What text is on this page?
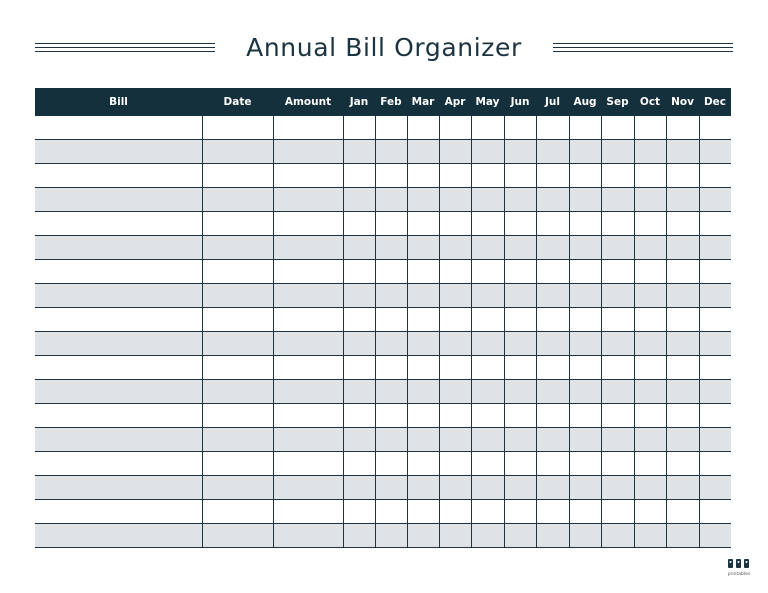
Annual Bill Organizer
Bill	Date	Amount	Jan	Feb	Mar	Apr	May	Jun	Jul	Aug	Sep	Oct	Nov	Dec

printables
